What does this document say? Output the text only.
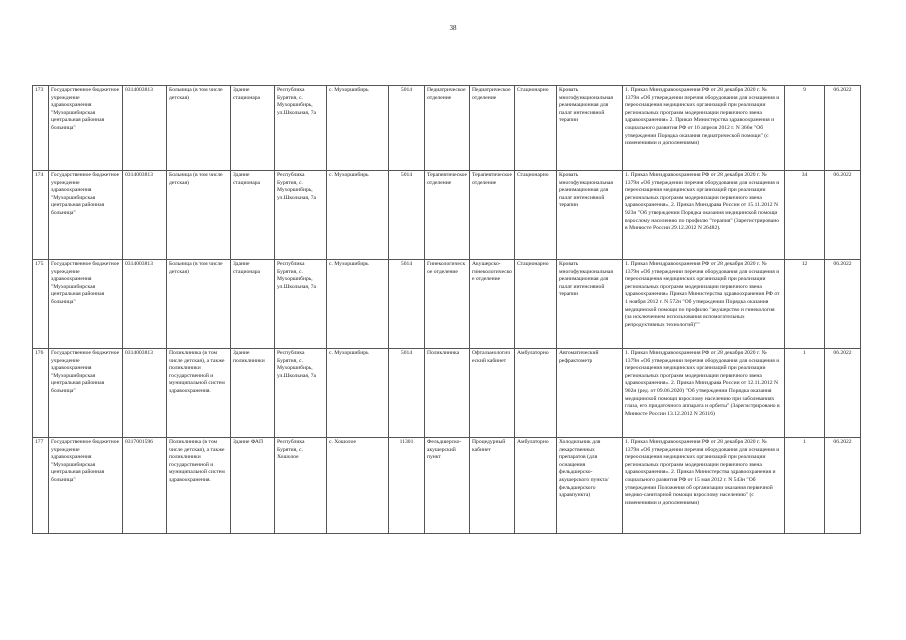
38
173	Государственное бюджетное учреждение здравоохранения "Мухоршибирская центральная районная больница"	0314003813	Больница (в том числе детская)	Здание стационара	Республика Бурятия, с. Мухоршибирь, ул.Школьная, 7а	с. Мухоршибирь	5014	Педиатрическое отделение	Педиатрическое отделение	Стационарно	Кровать многофункциональная реанимационная для палат интенсивной терапии	1. Приказ Минздравоохранения РФ от 28 декабря 2020 г. № 1379н «Об утверждении перечня оборудования для оснащения и переоснащения медицинских организаций при реализации региональных программ модернизации первичного звена здравоохранения» 2. Приказ Министерства здравоохранения и социального развития РФ от 16 апреля 2012 г. N 366н "Об утверждении Порядка оказания педиатрической помощи" (с изменениями и дополнениями)	9	06.2022
174	Государственное бюджетное учреждение здравоохранения "Мухоршибирская центральная районная больница"	0314003813	Больница (в том числе детская)	Здание стационара	Республика Бурятия, с. Мухоршибирь, ул.Школьная, 7а	с. Мухоршибирь	5014	Терапевтическое отделение	Терапевтическое отделение	Стационарно	Кровать многофункциональная реанимационная для палат интенсивной терапии	1. Приказ Минздравоохранения РФ от 28 декабря 2020 г. № 1379н «Об утверждении перечня оборудования для оснащения и переоснащения медицинских организаций при реализации региональных программ модернизации первичного звена здравоохранения». 2. Приказ Минздрава России от 15.11.2012 N 923н "Об утверждении Порядка оказания медицинской помощи взрослому населению по профилю "терапия" (Зарегистрировано в Минюсте России 29.12.2012 N 26482).	34	06.2022
175	Государственное бюджетное учреждение здравоохранения "Мухоршибирская центральная районная больница"	0314003813	Больница (в том числе детская)	Здание стационара	Республика Бурятия, с. Мухоршибирь, ул.Школьная, 7а	с. Мухоршибирь	5014	Гинекологическое отделение	Акушерско-гинекологическое отделение	Стационарно	Кровать многофункциональная реанимационная для палат интенсивной терапии	1. Приказ Минздравоохранения РФ от 28 декабря 2020 г. № 1379н «Об утверждении перечня оборудования для оснащения и переоснащения медицинских организаций при реализации региональных программ модернизации первичного звена здравоохранения» Приказ Министерства здравоохранения РФ от 1 ноября 2012 г. N 572н "Об утверждении Порядка оказания медицинской помощи по профилю "акушерство и гинекология (за исключением использования вспомогательных репродуктивных технологий)""	12	06.2022
176	Государственное бюджетное учреждение здравоохранения "Мухоршибирская центральная районная больница"	0314003813	Поликлиника (в том числе детская), а также поликлиники государственной и муниципальной систем здравоохранения.	Здание поликлиники	Республика Бурятия, с. Мухоршибирь, ул.Школьная, 7а	с. Мухоршибирь	5014	Поликлиника	Офтальмологический кабинет	Амбулаторно	Автоматический рефрактометр	1. Приказ Минздравоохранения РФ от 28 декабря 2020 г. № 1379н «Об утверждении перечня оборудования для оснащения и переоснащения медицинских организаций при реализации региональных программ модернизации первичного звена здравоохранения». 2. Приказ Минздрава России от 12.11.2012 N 902н (ред. от 09.06.2020) "Об утверждении Порядка оказания медицинской помощи взрослому населению при заболеваниях глаза, его придаточного аппарата и орбиты" (Зарегистрировано в Минюсте России 13.12.2012 N 26116)	1	06.2022
177	Государственное бюджетное учреждение здравоохранения "Мухоршибирская центральная районная больница"	0317001596	Поликлиника (в том числе детская), а также поликлиники государственной и муниципальной систем здравоохранения.	Здание ФАП	Республика Бурятия, с. Хошолое	с. Хошолое	11301	Фельдшерско-акушерский пункт	Процедурный кабинет	Амбулаторно	Холодильник для лекарственных препаратов (для оснащения фельдшерско-акушерского пункта/фельдшерского здравпункта)	1. Приказ Минздравоохранения РФ от 28 декабря 2020 г. № 1379н «Об утверждении перечня оборудования для оснащения и переоснащения медицинских организаций при реализации региональных программ модернизации первичного звена здравоохранения». 2. Приказ Министерства здравоохранения и социального развития РФ от 15 мая 2012 г. N 543н "Об утверждении Положения об организации оказания первичной медико-санитарной помощи взрослому населению" (с изменениями и дополнениями)	1	06.2022
